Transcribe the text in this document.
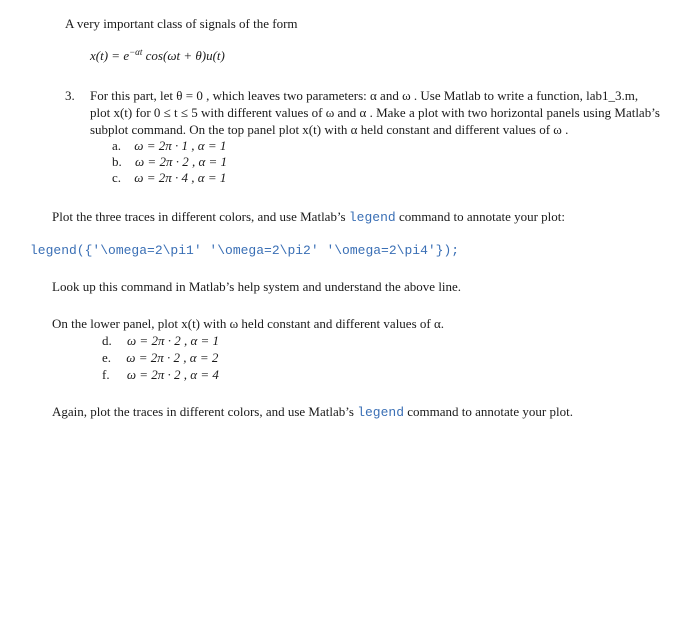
A very important class of signals of the form
$x(t) = e^{-\alpha t}$ cos(ωt + θ)u(t)
3. For this part, let θ = 0 , which leaves two parameters: α and ω . Use Matlab to write a function, lab1_3.m,
plot x(t) for 0 ≤ t ≤ 5 with different values of ω and α . Make a plot with two horizontal panels using Matlab’s
subplot command. On the top panel plot x(t) with α held constant and different values of ω .
a. ω = 2π · 1 , α = 1
b. ω = 2π · 2 , α = 1
c. ω = 2π · 4 , α = 1
Plot the three traces in different colors, and use Matlab’s legend command to annotate your plot:
legend({'\omega=2\pi1' '\omega=2\pi2' '\omega=2\pi4'});
Look up this command in Matlab’s help system and understand the above line.
On the lower panel, plot x(t) with ω held constant and different values of α.
d. ω = 2π · 2 , α = 1
e. ω = 2π · 2 , α = 2
f. ω = 2π · 2 , α = 4
Again, plot the traces in different colors, and use Matlab’s legend command to annotate your plot.
